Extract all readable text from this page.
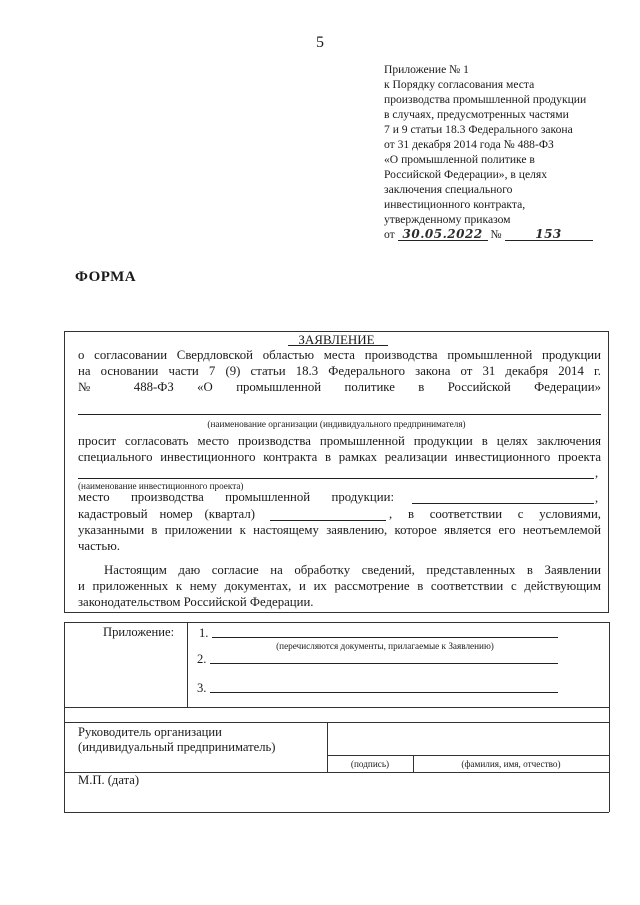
5
Приложение № 1
к Порядку согласования места
производства промышленной продукции
в случаях, предусмотренных частями
7 и 9 статьи 18.3 Федерального закона
от 31 декабря 2014 года № 488-ФЗ
«О промышленной политике в
Российской Федерации», в целях
заключения специального
инвестиционного контракта,
утвержденному приказом
от 30.05.2022 №	153
ФОРМА
ЗАЯВЛЕНИЕ
о согласовании Свердловской областью места производства промышленной продукции
на основании части 7 (9) статьи 18.3 Федерального закона от 31 декабря 2014 г.
№ 488-ФЗ «О промышленной политике в Российской Федерации»
(наименование организации (индивидуального предпринимателя)
просит согласовать место производства промышленной продукции в целях заключения
специального инвестиционного контракта в рамках реализации инвестиционного проекта
,
(наименование инвестиционного проекта)
место производства промышленной продукции:	,
кадастровый номер (квартал)	, в соответствии с условиями,
указанными в приложении к настоящему заявлению, которое является его неотъемлемой
частью.
Настоящим даю согласие на обработку сведений, представленных в Заявлении
и приложенных к нему документах, и их рассмотрение в соответствии с действующим
законодательством Российской Федерации.
Приложение: 1.
(перечисляются документы, прилагаемые к Заявлению)
2.
3.
Руководитель организации
(индивидуальный предприниматель)
(подпись)	(фамилия, имя, отчество)
М.П. (дата)
